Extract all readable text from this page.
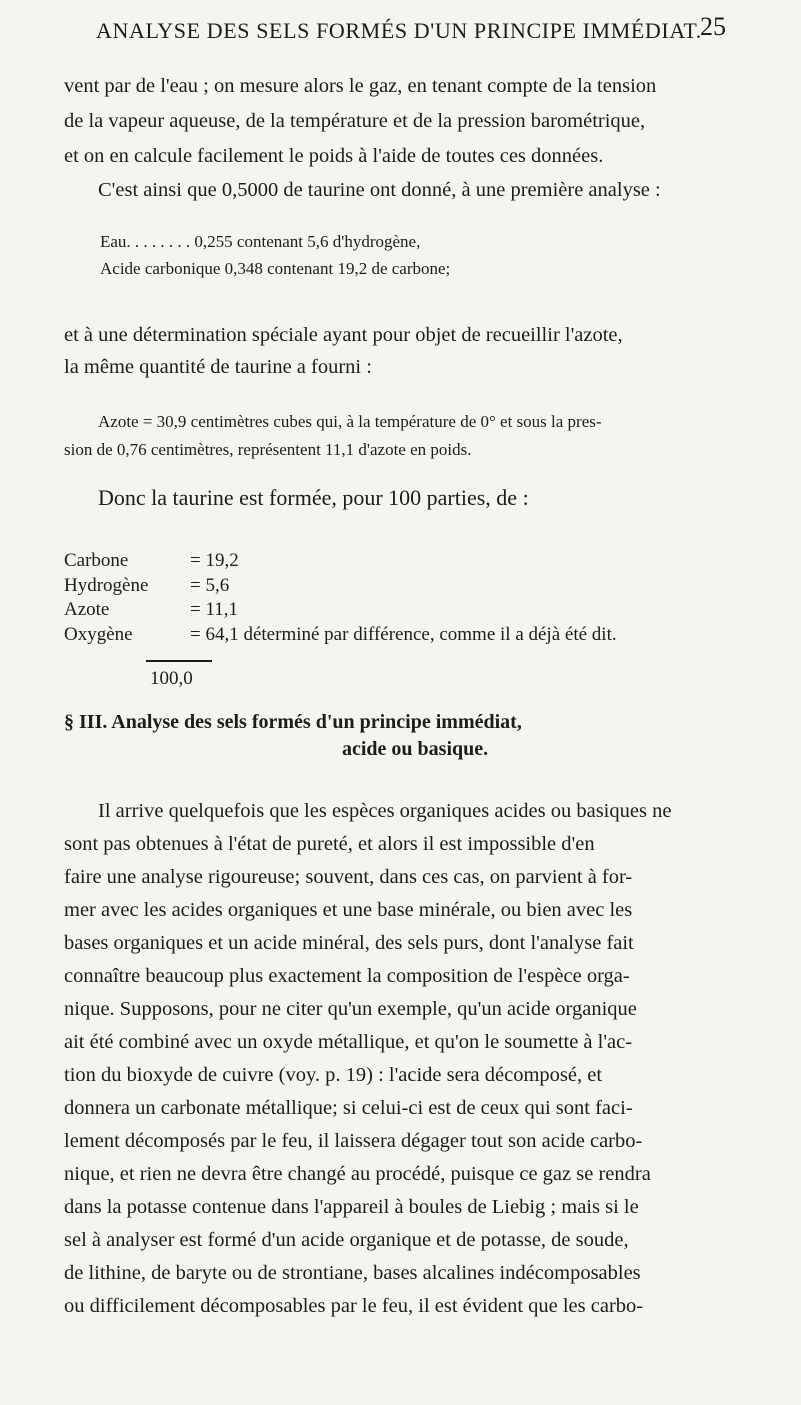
ANALYSE DES SELS FORMÉS D'UN PRINCIPE IMMÉDIAT.
25
vent par de l'eau ; on mesure alors le gaz, en tenant compte de la tension
de la vapeur aqueuse, de la température et de la pression barométrique,
et on en calcule facilement le poids à l'aide de toutes ces données.
C'est ainsi que 0,5000 de taurine ont donné, à une première analyse :
Eau. . . . . . . . 0,255 contenant 5,6 d'hydrogène,
Acide carbonique 0,348 contenant 19,2 de carbone;
et à une détermination spéciale ayant pour objet de recueillir l'azote,
la même quantité de taurine a fourni :
Azote = 30,9 centimètres cubes qui, à la température de 0° et sous la pres-
sion de 0,76 centimètres, représentent 11,1 d'azote en poids.
Donc la taurine est formée, pour 100 parties, de :
Carbone	= 19,2
Hydrogène = 5,6
Azote	= 11,1
Oxygène	= 64,1 déterminé par différence, comme il a déjà été dit.
100,0
§ III. Analyse des sels formés d'un principe immédiat,
acide ou basique.
Il arrive quelquefois que les espèces organiques acides ou basiques ne
sont pas obtenues à l'état de pureté, et alors il est impossible d'en
faire une analyse rigoureuse; souvent, dans ces cas, on parvient à for-
mer avec les acides organiques et une base minérale, ou bien avec les
bases organiques et un acide minéral, des sels purs, dont l'analyse fait
connaître beaucoup plus exactement la composition de l'espèce orga-
nique. Supposons, pour ne citer qu'un exemple, qu'un acide organique
ait été combiné avec un oxyde métallique, et qu'on le soumette à l'ac-
tion du bioxyde de cuivre (voy. p. 19) : l'acide sera décomposé, et
donnera un carbonate métallique; si celui-ci est de ceux qui sont faci-
lement décomposés par le feu, il laissera dégager tout son acide carbo-
nique, et rien ne devra être changé au procédé, puisque ce gaz se rendra
dans la potasse contenue dans l'appareil à boules de Liebig ; mais si le
sel à analyser est formé d'un acide organique et de potasse, de soude,
de lithine, de baryte ou de strontiane, bases alcalines indécomposables
ou difficilement décomposables par le feu, il est évident que les carbo-
